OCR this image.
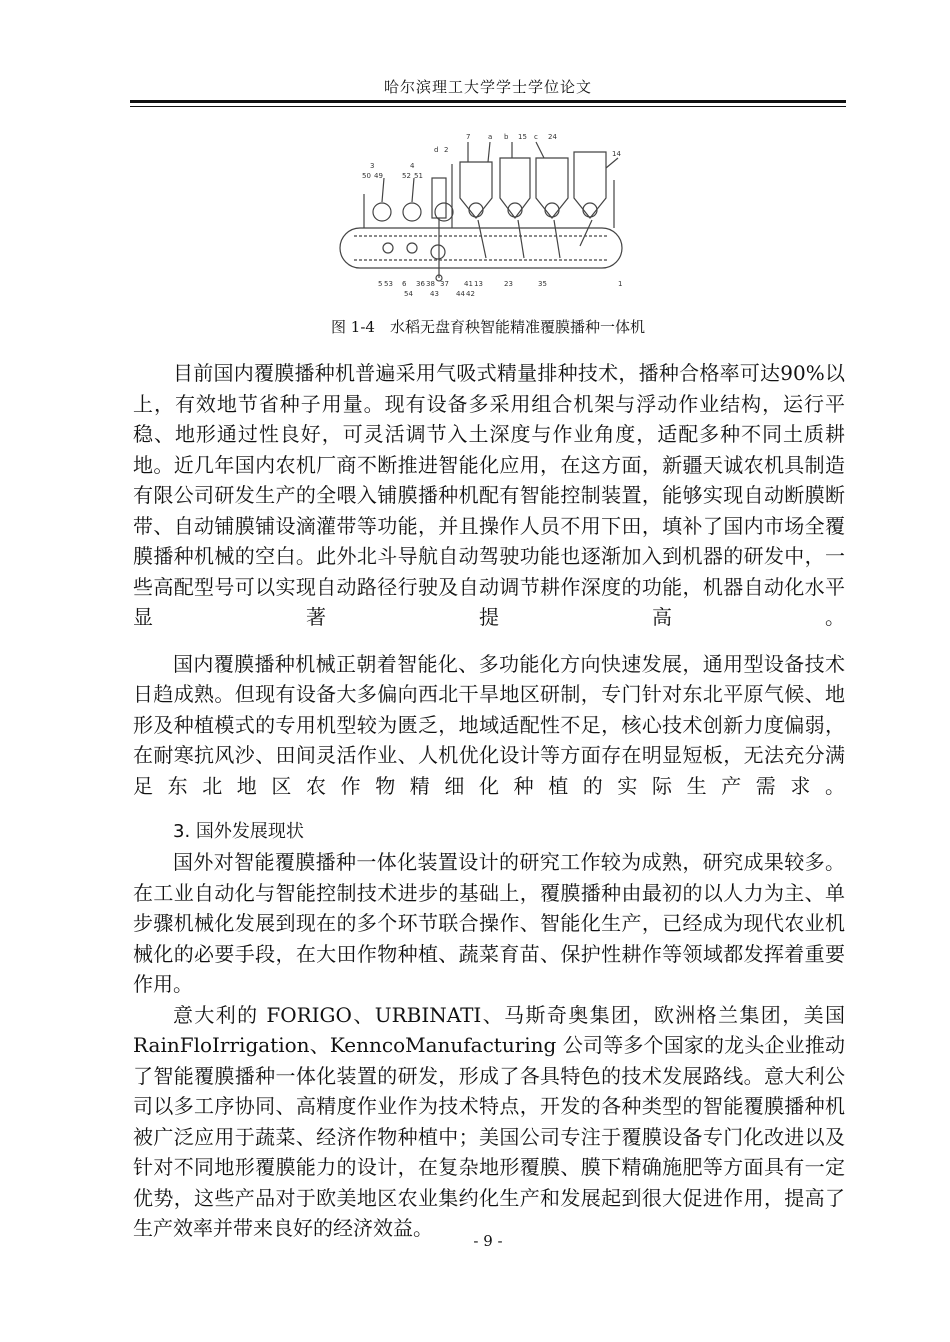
哈尔滨理工大学学士学位论文
7	a b 15 c 24
d 2
3
50 49
4
52 51
14
5 53 6
54
36 38 37
43
41 13
44 42
23	35	1
图 1-4　水稻无盘育秧智能精准覆膜播种一体机

目前国内覆膜播种机普遍采用气吸式精量排种技术，播种合格率可达90%以上，有效地节省种子用量。现有设备多采用组合机架与浮动作业结构，运行平稳、地形通过性良好，可灵活调节入土深度与作业角度，适配多种不同土质耕地。近几年国内农机厂商不断推进智能化应用，在这方面，新疆天诚农机具制造有限公司研发生产的全喂入铺膜播种机配有智能控制装置，能够实现自动断膜断带、自动铺膜铺设滴灌带等功能，并且操作人员不用下田，填补了国内市场全覆膜播种机械的空白。此外北斗导航自动驾驶功能也逐渐加入到机器的研发中，一些高配型号可以实现自动路径行驶及自动调节耕作深度的功能，机器自动化水平显著提高。

国内覆膜播种机械正朝着智能化、多功能化方向快速发展，通用型设备技术日趋成熟。但现有设备大多偏向西北干旱地区研制，专门针对东北平原气候、地形及种植模式的专用机型较为匮乏，地域适配性不足，核心技术创新力度偏弱，在耐寒抗风沙、田间灵活作业、人机优化设计等方面存在明显短板，无法充分满足东北地区农作物精细化种植的实际生产需求。

3. 国外发展现状

国外对智能覆膜播种一体化装置设计的研究工作较为成熟，研究成果较多。在工业自动化与智能控制技术进步的基础上，覆膜播种由最初的以人力为主、单步骤机械化发展到现在的多个环节联合操作、智能化生产，已经成为现代农业机械化的必要手段，在大田作物种植、蔬菜育苗、保护性耕作等领域都发挥着重要作用。

意大利的 FORIGO、URBINATI、马斯奇奥集团，欧洲格兰集团，美国 RainFloIrrigation、KenncoManufacturing 公司等多个国家的龙头企业推动了智能覆膜播种一体化装置的研发，形成了各具特色的技术发展路线。意大利公司以多工序协同、高精度作业作为技术特点，开发的各种类型的智能覆膜播种机被广泛应用于蔬菜、经济作物种植中；美国公司专注于覆膜设备专门化改进以及针对不同地形覆膜能力的设计，在复杂地形覆膜、膜下精确施肥等方面具有一定优势，这些产品对于欧美地区农业集约化生产和发展起到很大促进作用，提高了生产效率并带来良好的经济效益。

- 9 -
